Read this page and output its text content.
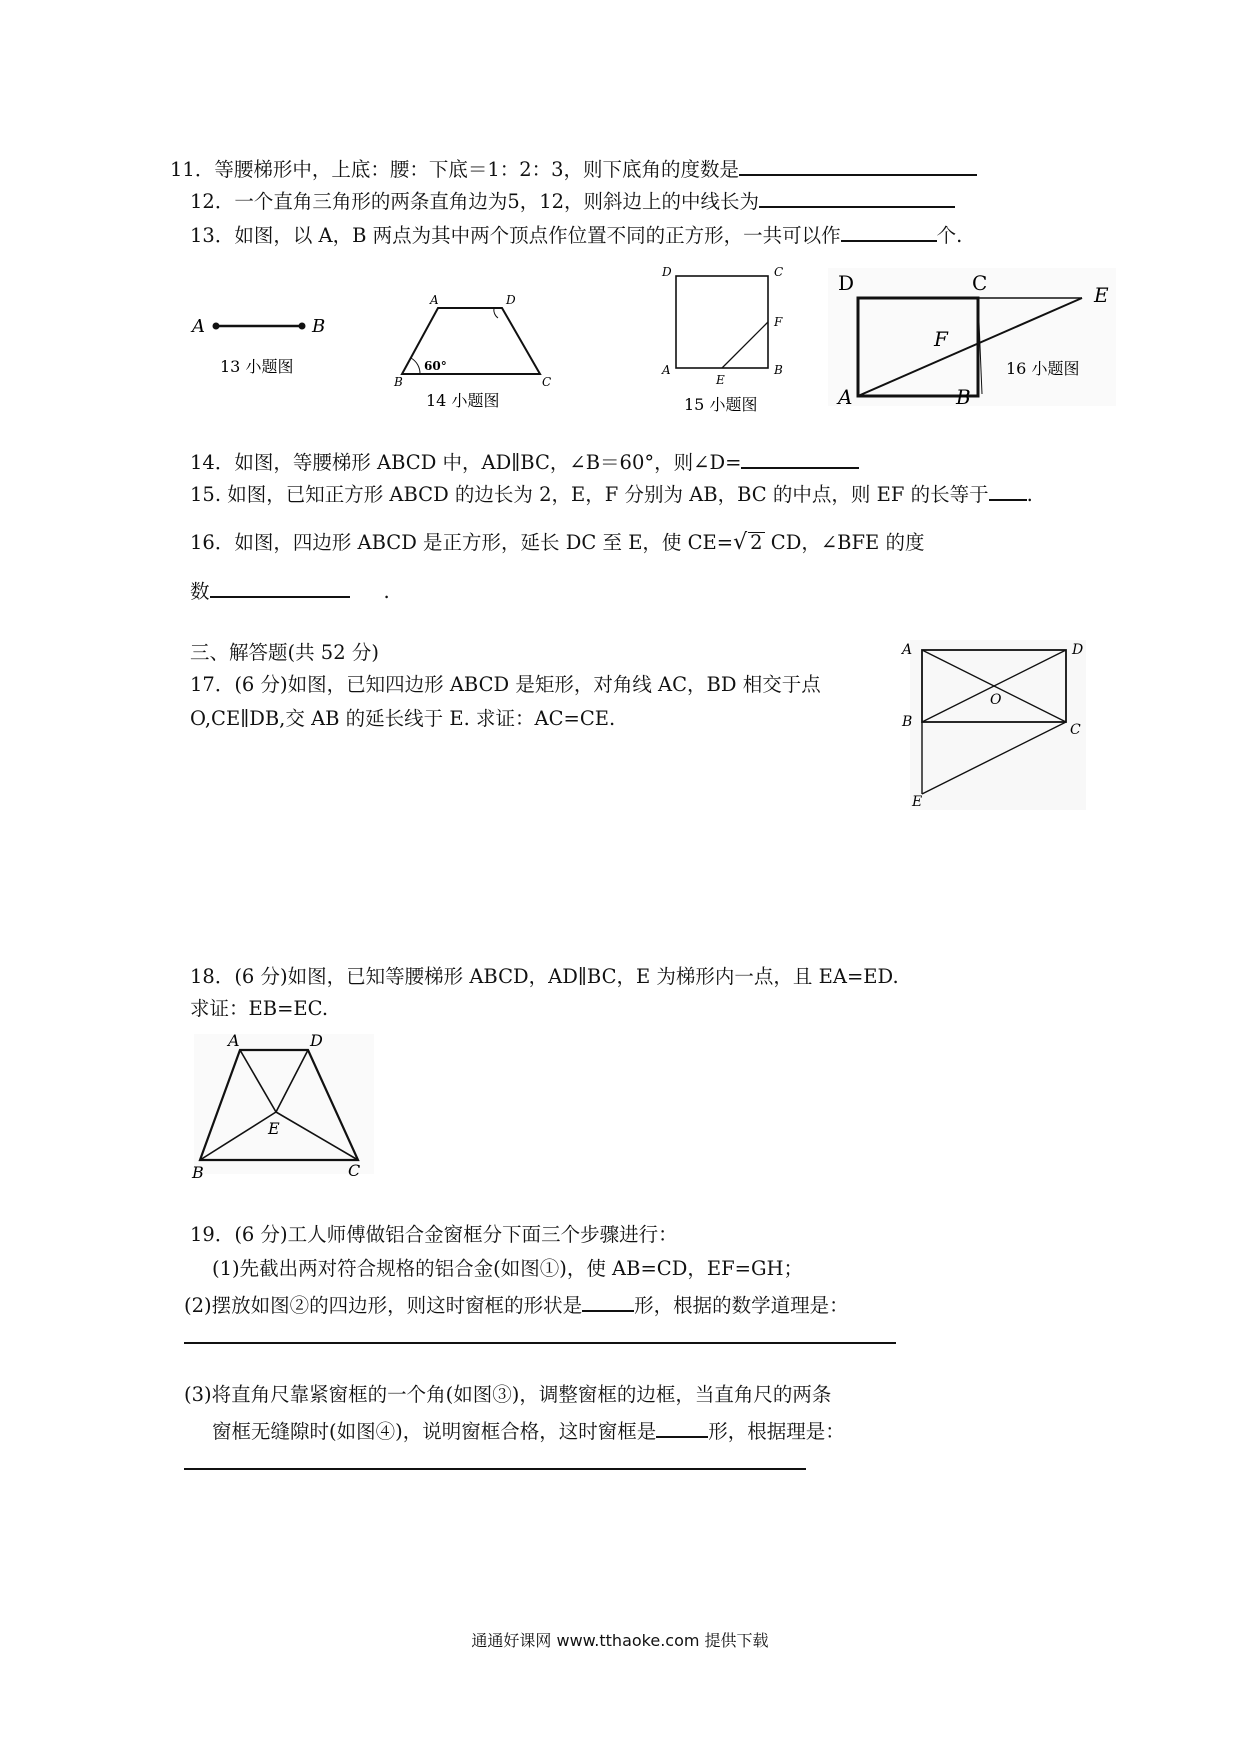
11．等腰梯形中，上底：腰：下底＝1：2：3，则下底角的度数是
12．一个直角三角形的两条直角边为5，12，则斜边上的中线长为
13．如图，以 A，B 两点为其中两个顶点作位置不同的正方形，一共可以作	个.
A	B
13 小题图	60°
A	D
B	C
14 小题图
D	C
F
A
E
B
15 小题图
D	C	E
F
A	B
16 小题图
14．如图，等腰梯形 ABCD 中，AD∥BC，∠B＝60°，则∠D=
15. 如图，已知正方形 ABCD 的边长为 2，E，F 分别为 AB，BC 的中点，则 EF 的长等于 .
16．如图，四边形 ABCD 是正方形，延长 DC 至 E，使 CE=√ 2 CD，∠BFE 的度
数	.
三、解答题(共 52 分)
17．(6 分)如图，已知四边形 ABCD 是矩形，对角线 AC，BD 相交于点
O,CE∥DB,交 AB 的延长线于 E. 求证：AC=CE.
A	D
O
B	C
E
18．(6 分)如图，已知等腰梯形 ABCD，AD∥BC，E 为梯形内一点，且 EA=ED.
求证：EB=EC.
A	D
E
B	C
19．(6 分)工人师傅做铝合金窗框分下面三个步骤进行：
(1)先截出两对符合规格的铝合金(如图①)，使 AB=CD，EF=GH；
(2)摆放如图②的四边形，则这时窗框的形状是	形，根据的数学道理是：
(3)将直角尺靠紧窗框的一个角(如图③)，调整窗框的边框，当直角尺的两条
窗框无缝隙时(如图④)，说明窗框合格，这时窗框是	形，根据理是：
通通好课网 www.tthaoke.com 提供下载
